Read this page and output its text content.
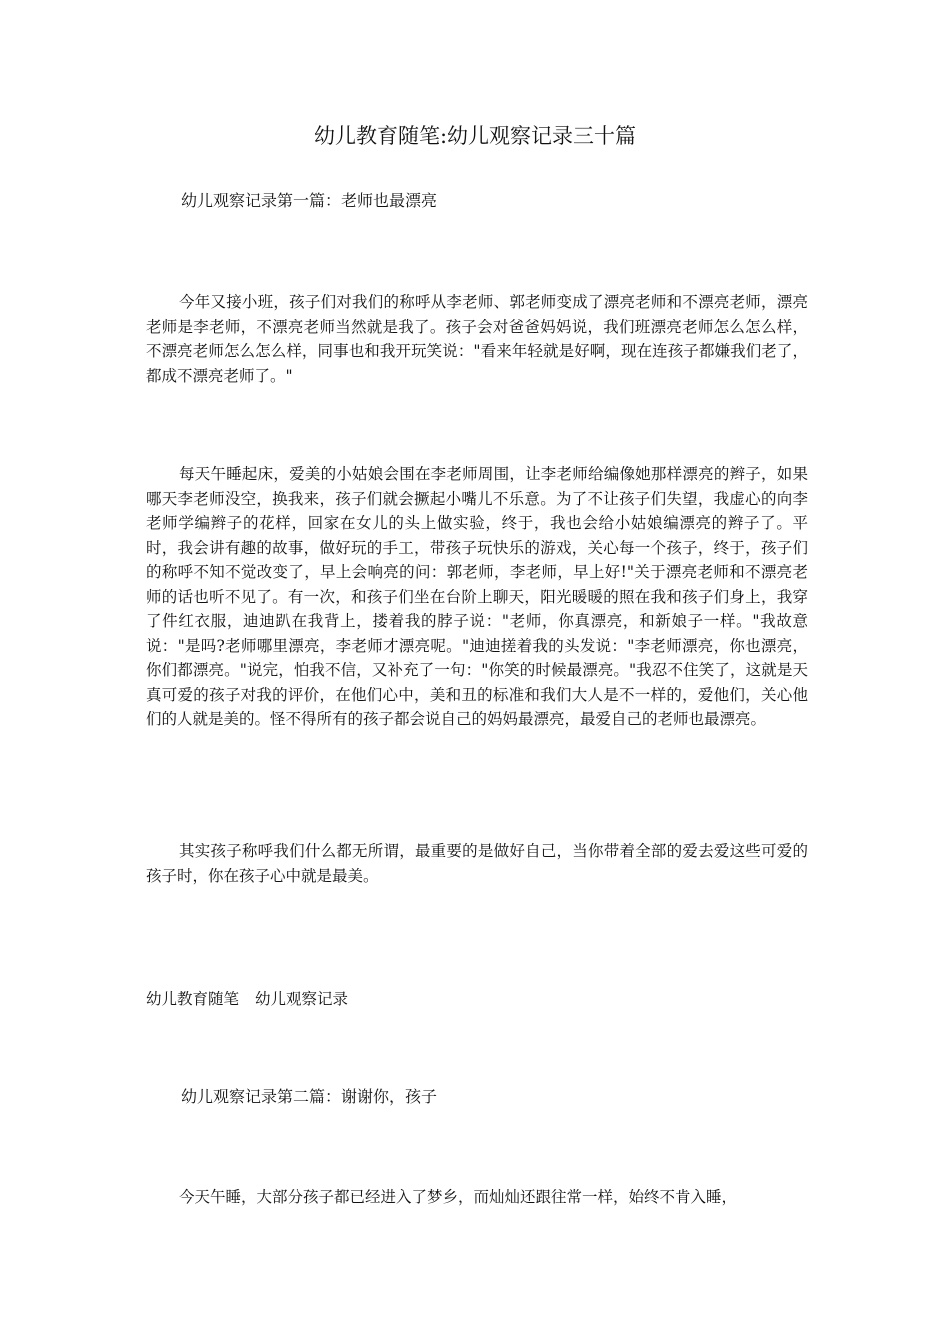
幼儿教育随笔:幼儿观察记录三十篇
幼儿观察记录第一篇：老师也最漂亮

今年又接小班，孩子们对我们的称呼从李老师、郭老师变成了漂亮老师和不漂亮老师，漂亮老师是李老师，不漂亮老师当然就是我了。孩子会对爸爸妈妈说，我们班漂亮老师怎么怎么样，不漂亮老师怎么怎么样，同事也和我开玩笑说："看来年轻就是好啊，现在连孩子都嫌我们老了，都成不漂亮老师了。"

每天午睡起床，爱美的小姑娘会围在李老师周围，让李老师给编像她那样漂亮的辫子，如果哪天李老师没空，换我来，孩子们就会撅起小嘴儿不乐意。为了不让孩子们失望，我虚心的向李老师学编辫子的花样，回家在女儿的头上做实验，终于，我也会给小姑娘编漂亮的辫子了。平时，我会讲有趣的故事，做好玩的手工，带孩子玩快乐的游戏，关心每一个孩子，终于，孩子们的称呼不知不觉改变了，早上会响亮的问：郭老师，李老师，早上好!"关于漂亮老师和不漂亮老师的话也听不见了。有一次，和孩子们坐在台阶上聊天，阳光暖暖的照在我和孩子们身上，我穿了件红衣服，迪迪趴在我背上，搂着我的脖子说："老师，你真漂亮，和新娘子一样。"我故意说："是吗?老师哪里漂亮，李老师才漂亮呢。"迪迪搓着我的头发说："李老师漂亮，你也漂亮，你们都漂亮。"说完，怕我不信，又补充了一句："你笑的时候最漂亮。"我忍不住笑了，这就是天真可爱的孩子对我的评价，在他们心中，美和丑的标准和我们大人是不一样的，爱他们，关心他们的人就是美的。怪不得所有的孩子都会说自己的妈妈最漂亮，最爱自己的老师也最漂亮。

其实孩子称呼我们什么都无所谓，最重要的是做好自己，当你带着全部的爱去爱这些可爱的孩子时，你在孩子心中就是最美。

幼儿教育随笔 幼儿观察记录
幼儿观察记录第二篇：谢谢你，孩子

今天午睡，大部分孩子都已经进入了梦乡，而灿灿还跟往常一样，始终不肯入睡，
